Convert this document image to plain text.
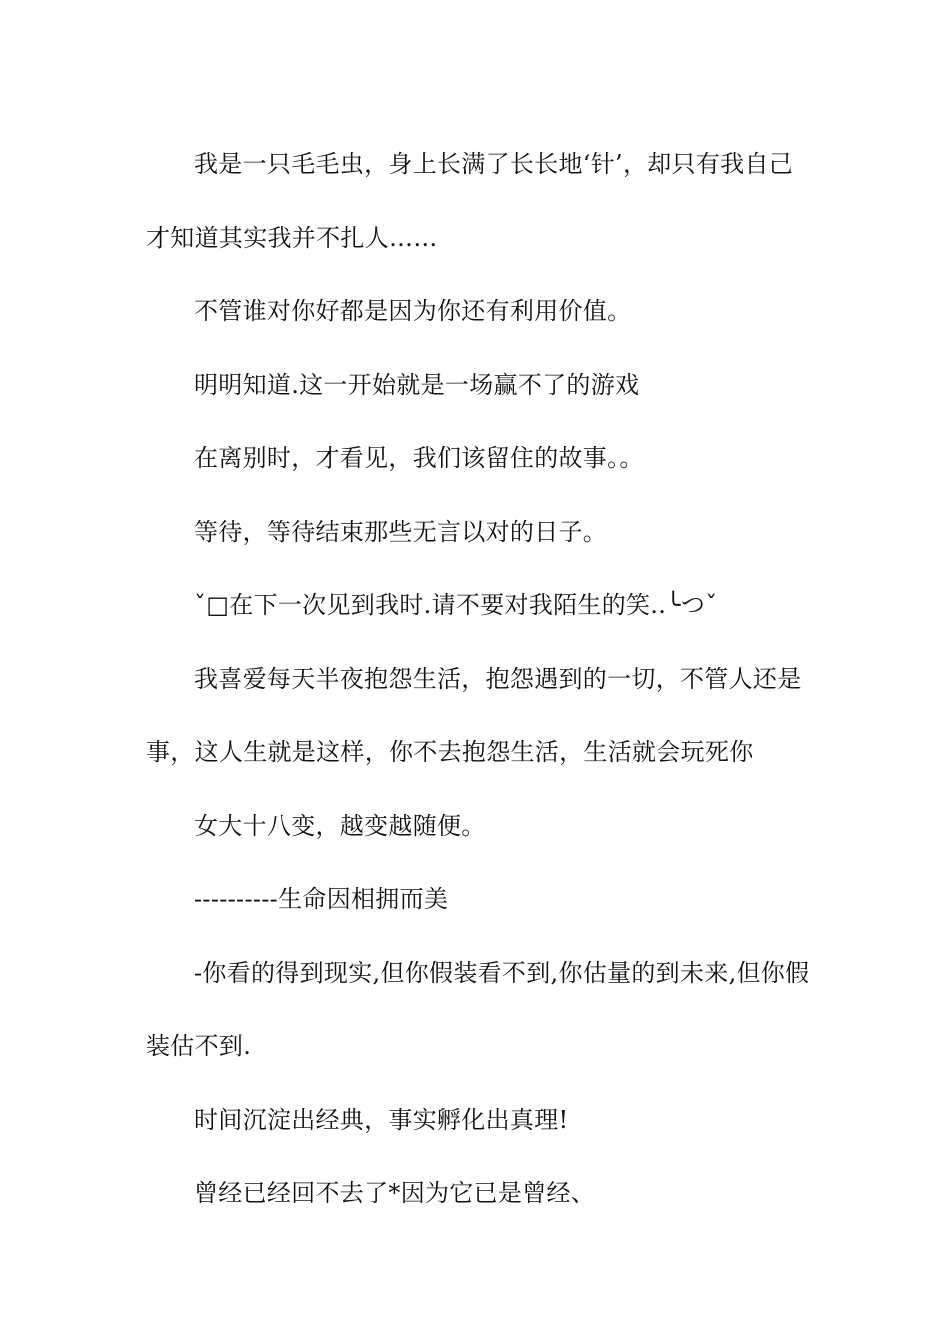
我是一只毛毛虫，身上长满了长长地‘针’，却只有我自己才知道其实我并不扎人……

不管谁对你好都是因为你还有利用价值。

明明知道.这一开始就是一场赢不了的游戏

在离别时，才看见，我们该留住的故事。。

等待，等待结束那些无言以对的日子。

ˇ□在下一次见到我时.请不要对我陌生的笑..╰つˇ

我喜爱每天半夜抱怨生活，抱怨遇到的一切，不管人还是事，这人生就是这样，你不去抱怨生活，生活就会玩死你

女大十八变，越变越随便。

----------生命因相拥而美

-你看的得到现实,但你假装看不到,你估量的到未来,但你假装估不到.

时间沉淀出经典，事实孵化出真理!

曾经已经回不去了*因为它已是曾经、
